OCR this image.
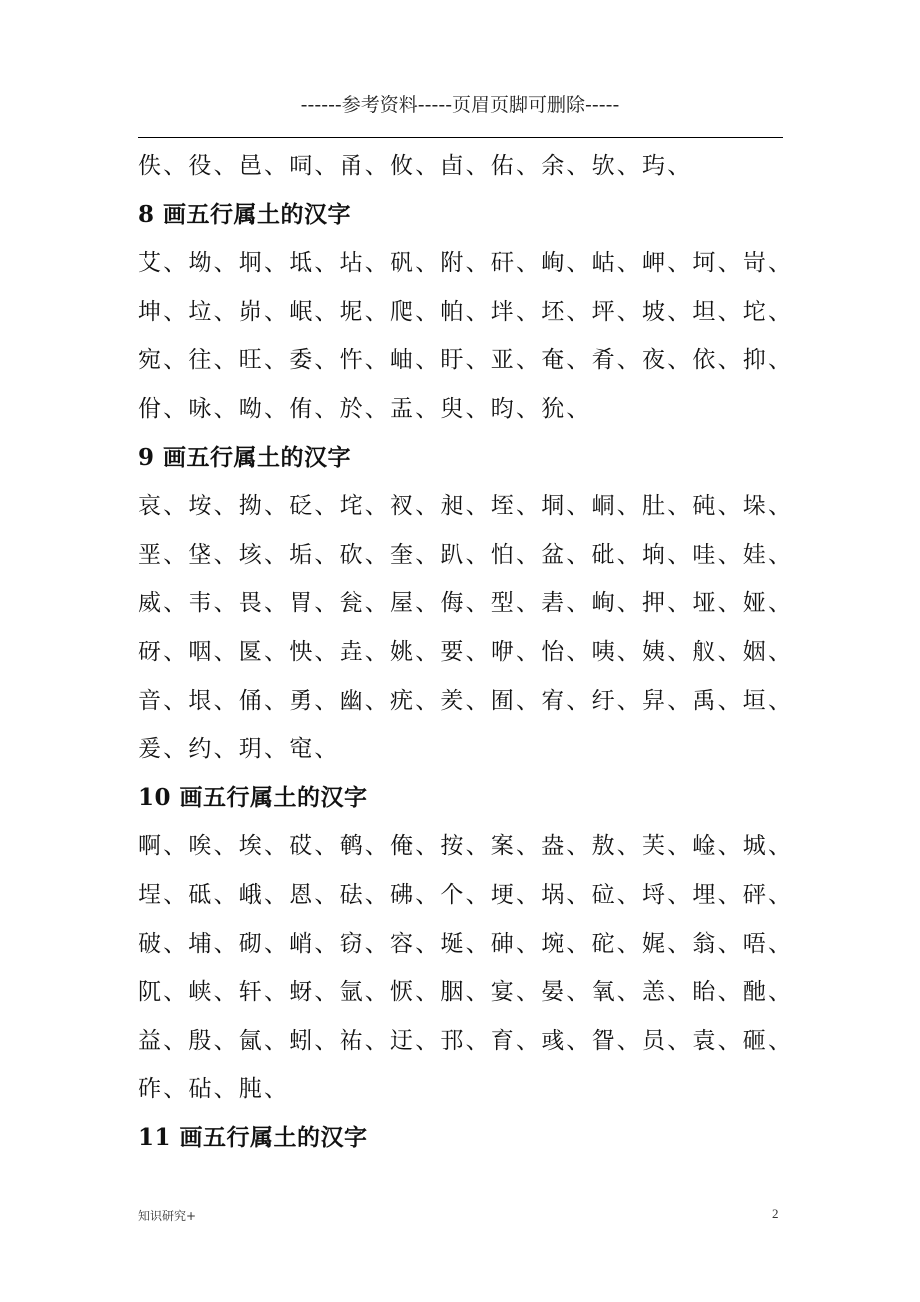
------参考资料-----页眉页脚可删除-----
佚、役、邑、呞、甬、攸、卣、佑、余、欤、玙、
8 画五行属土的汉字
艾、坳、坰、坻、坫、矾、附、矸、峋、岵、岬、坷、岢、
坤、垃、峁、岷、坭、爬、帕、坢、坯、坪、坡、坦、坨、
宛、往、旺、委、忤、岫、盱、亚、奄、肴、夜、依、抑、
佾、咏、呦、侑、於、盂、臾、昀、狁、
9 画五行属土的汉字
哀、垵、拗、砭、垞、衩、昶、垤、垌、峒、肚、砘、垛、
垩、垡、垓、垢、砍、奎、趴、怕、盆、砒、垧、哇、娃、
威、韦、畏、胃、瓮、屋、侮、型、砉、峋、押、垭、娅、
砑、咽、匽、怏、垚、姚、要、咿、怡、咦、姨、舣、姻、
音、垠、俑、勇、幽、疣、羑、囿、宥、纡、舁、禹、垣、
爰、约、玥、窀、
10 画五行属土的汉字
啊、唉、埃、砹、鹌、俺、按、案、盎、敖、芙、崯、城、
埕、砥、峨、恩、砝、砩、个、埂、埚、砬、埒、埋、砰、
破、埔、砌、峭、窃、容、埏、砷、埦、砣、娓、翁、唔、
阢、峡、轩、蚜、氩、恹、胭、宴、晏、氧、恙、眙、酏、
益、殷、氤、蚓、祐、迂、邘、育、彧、眢、员、袁、砸、
砟、砧、肫、
11 画五行属土的汉字
知识研究+	2
